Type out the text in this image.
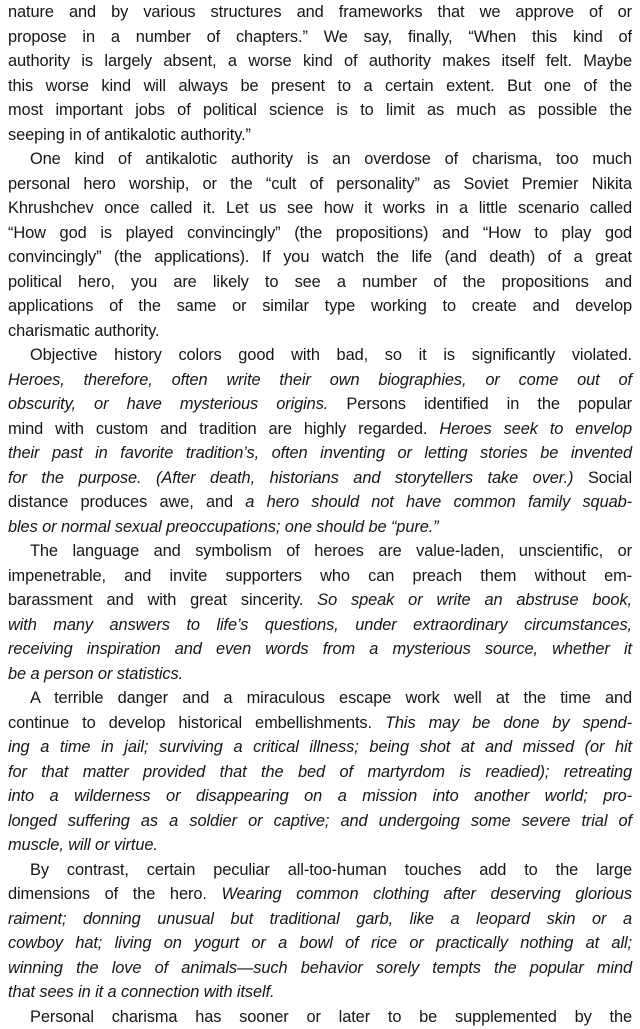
nature and by various structures and frameworks that we approve of or
propose in a number of chapters.” We say, finally, “When this kind of
authority is largely absent, a worse kind of authority makes itself felt. Maybe
this worse kind will always be present to a certain extent. But one of the
most important jobs of political science is to limit as much as possible the
seeping in of antikalotic authority.”
One kind of antikalotic authority is an overdose of charisma, too much
personal hero worship, or the “cult of personality” as Soviet Premier Nikita
Khrushchev once called it. Let us see how it works in a little scenario called
“How god is played convincingly” (the propositions) and “How to play god
convincingly” (the applications). If you watch the life (and death) of a great
political hero, you are likely to see a number of the propositions and
applications of the same or similar type working to create and develop
charismatic authority.
Objective history colors good with bad, so it is significantly violated.
Heroes, therefore, often write their own biographies, or come out of
obscurity, or have mysterious origins. Persons identified in the popular
mind with custom and tradition are highly regarded. Heroes seek to envelop
their past in favorite tradition’s, often inventing or letting stories be invented
for the purpose. (After death, historians and storytellers take over.) Social
distance produces awe, and a hero should not have common family squab-
bles or normal sexual preoccupations; one should be “pure.”
The language and symbolism of heroes are value-laden, unscientific, or
impenetrable, and invite supporters who can preach them without em-
barassment and with great sincerity. So speak or write an abstruse book,
with many answers to life’s questions, under extraordinary circumstances,
receiving inspiration and even words from a mysterious source, whether it
be a person or statistics.
A terrible danger and a miraculous escape work well at the time and
continue to develop historical embellishments. This may be done by spend-
ing a time in jail; surviving a critical illness; being shot at and missed (or hit
for that matter provided that the bed of martyrdom is readied); retreating
into a wilderness or disappearing on a mission into another world; pro-
longed suffering as a soldier or captive; and undergoing some severe trial of
muscle, will or virtue.
By contrast, certain peculiar all-too-human touches add to the large
dimensions of the hero. Wearing common clothing after deserving glorious
raiment; donning unusual but traditional garb, like a leopard skin or a
cowboy hat; living on yogurt or a bowl of rice or practically nothing at all;
winning the love of animals—such behavior sorely tempts the popular mind
that sees in it a connection with itself.
Personal charisma has sooner or later to be supplemented by the
